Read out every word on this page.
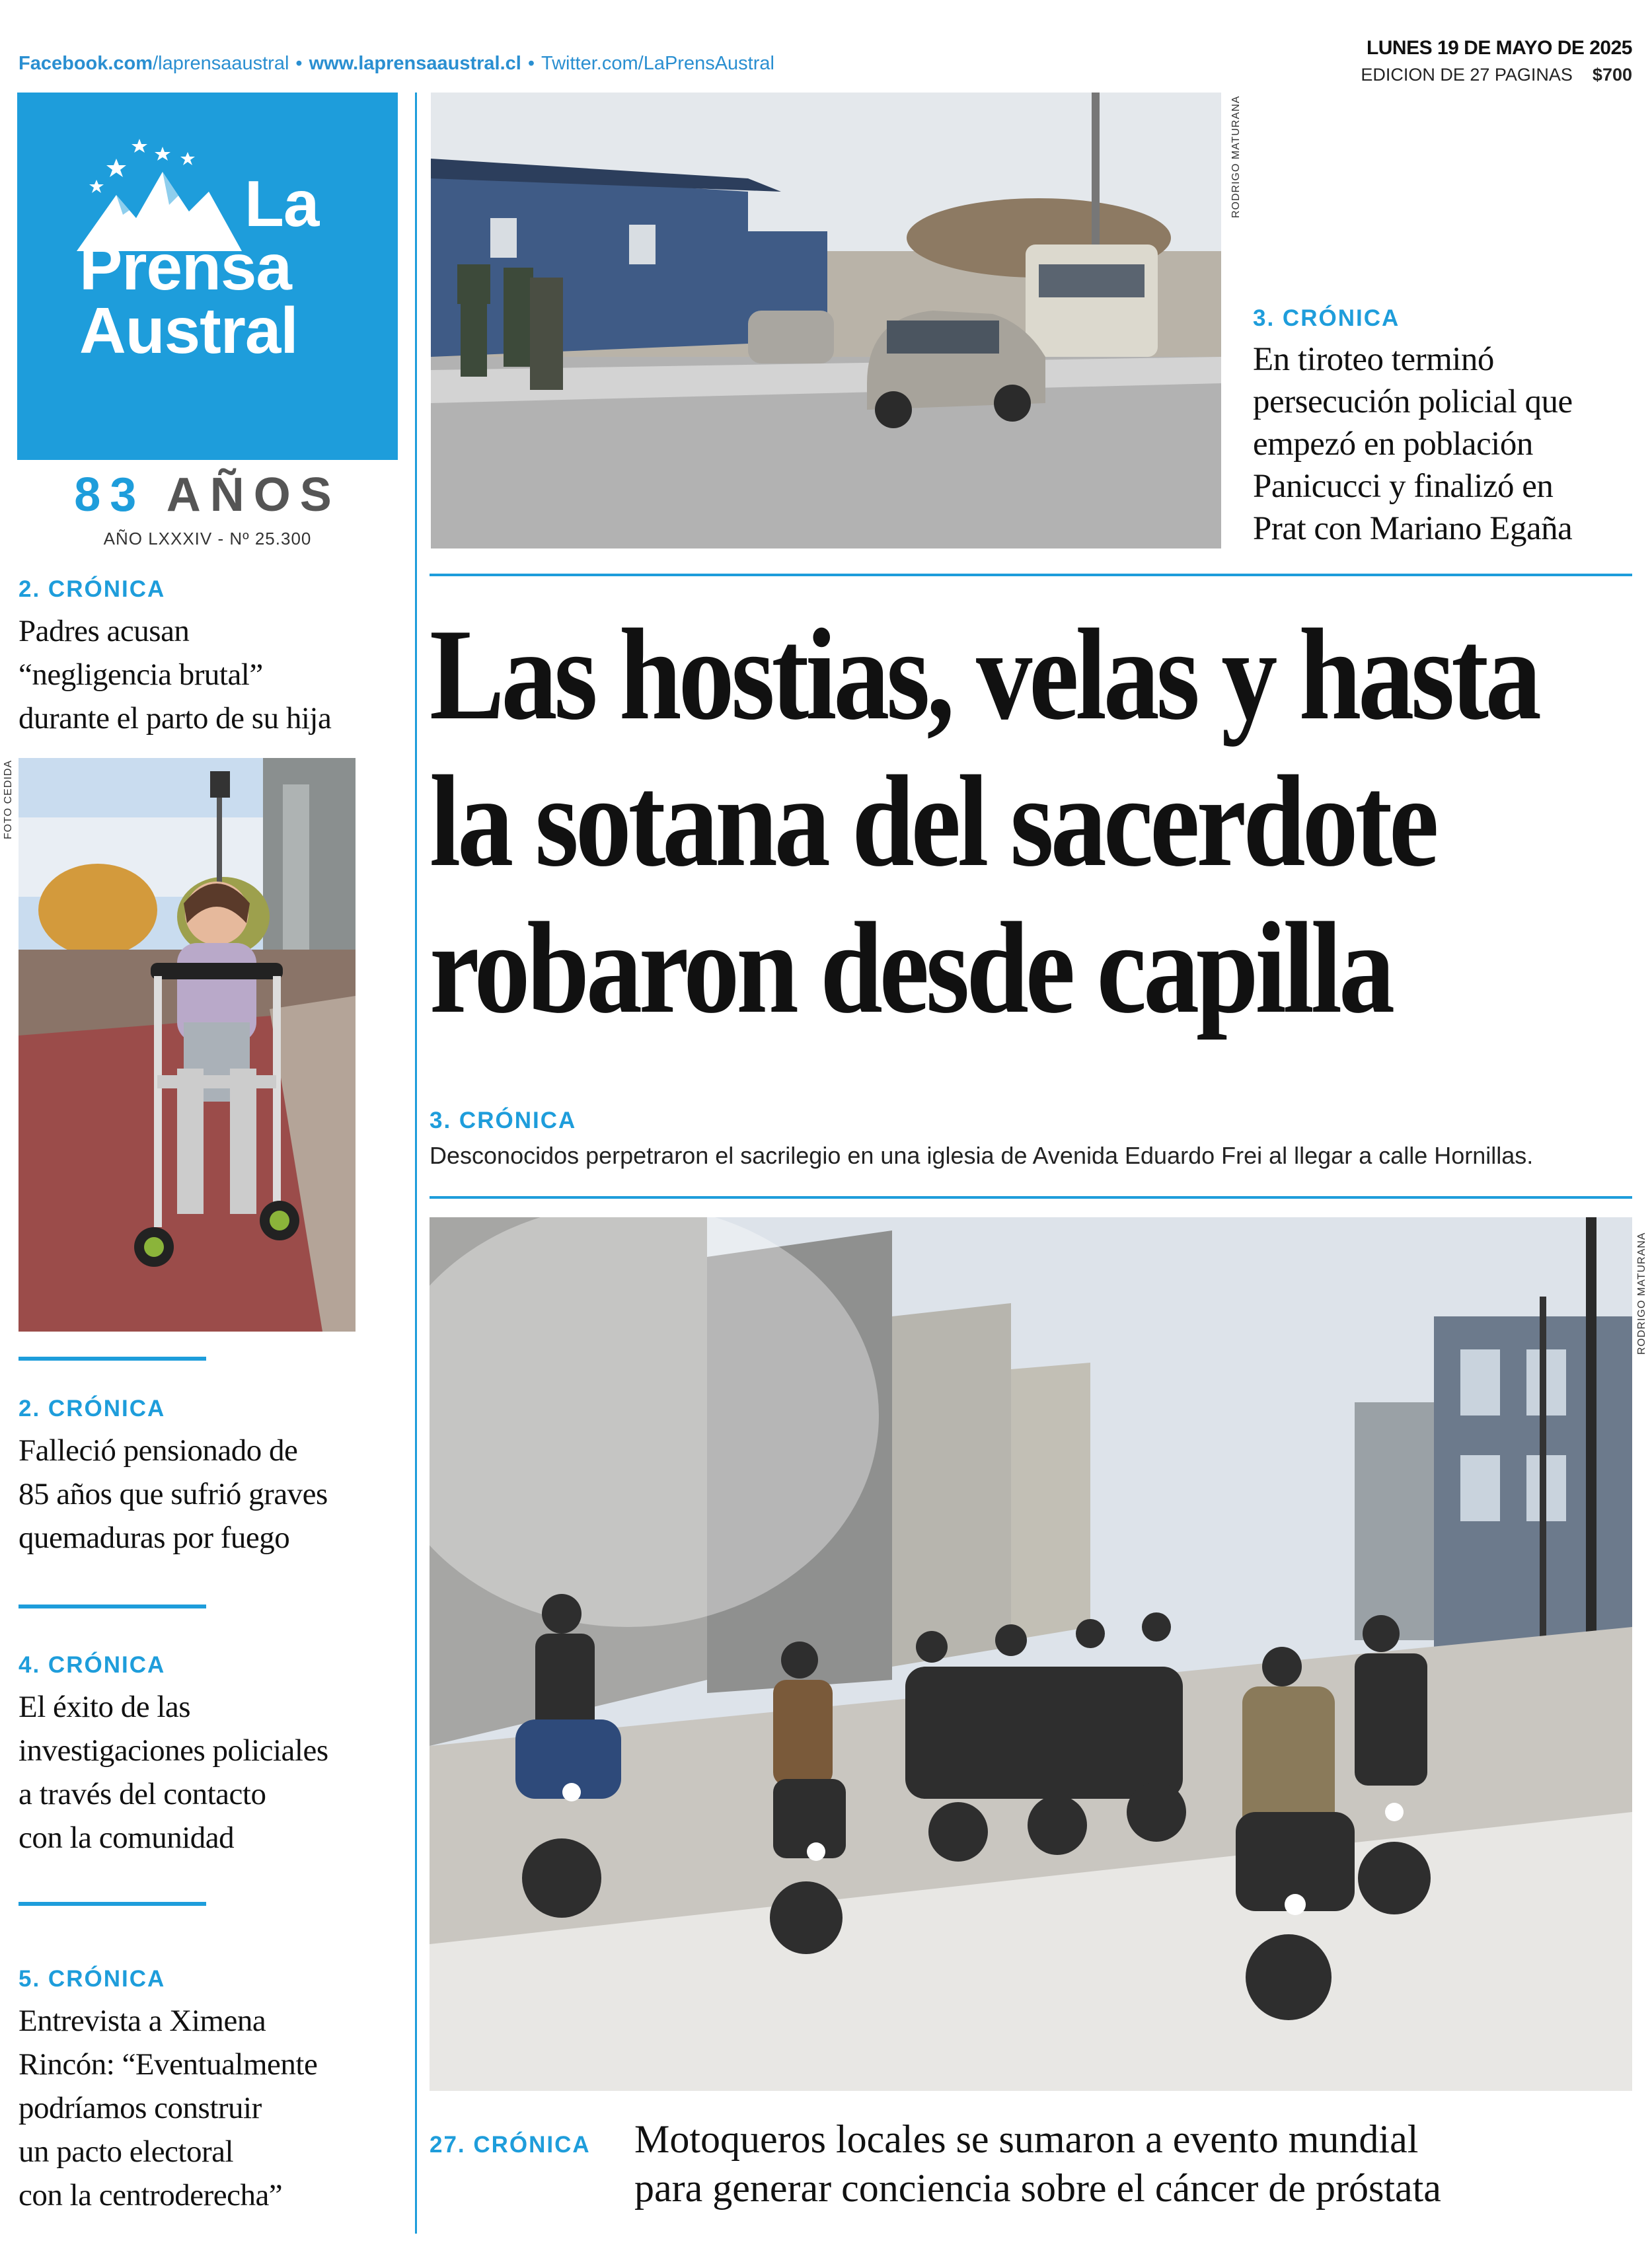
Facebook.com/laprensaaustral • www.laprensaaustral.cl • Twitter.com/LaPrensAustral
LUNES 19 DE MAYO DE 2025
EDICION DE 27 PAGINAS $700
La
Prensa
Austral
83 AÑOS
AÑO LXXXIV - Nº 25.300
2. CRÓNICA
Padres acusan
“negligencia brutal”
durante el parto de su hija
FOTO CEDIDA
2. CRÓNICA
Falleció pensionado de
85 años que sufrió graves
quemaduras por fuego
4. CRÓNICA
El éxito de las
investigaciones policiales
a través del contacto
con la comunidad
5. CRÓNICA
Entrevista a Ximena
Rincón: “Eventualmente
podríamos construir
un pacto electoral
con la centroderecha”
RODRIGO MATURANA
3. CRÓNICA
En tiroteo terminó
persecución policial que
empezó en población
Panicucci y finalizó en
Prat con Mariano Egaña
Las hostias, velas y hasta
la sotana del sacerdote
robaron desde capilla
3. CRÓNICA
Desconocidos perpetraron el sacrilegio en una iglesia de Avenida Eduardo Frei al llegar a calle Hornillas.
RODRIGO MATURANA
27. CRÓNICA Motoqueros locales se sumaron a evento mundial
para generar conciencia sobre el cáncer de próstata
